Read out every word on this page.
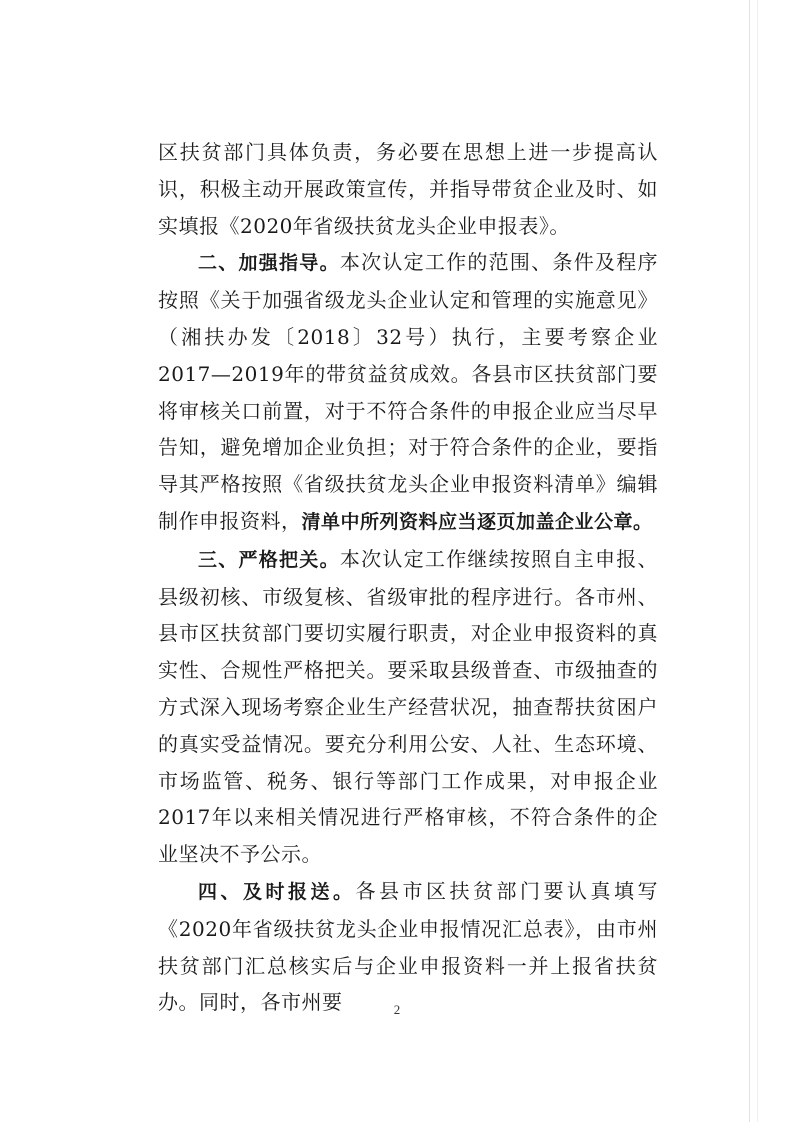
区扶贫部门具体负责，务必要在思想上进一步提高认识，积极主动开展政策宣传，并指导带贫企业及时、如实填报《2020年省级扶贫龙头企业申报表》。

二、加强指导。本次认定工作的范围、条件及程序按照《关于加强省级龙头企业认定和管理的实施意见》（湘扶办发〔2018〕32号）执行，主要考察企业2017—2019年的带贫益贫成效。各县市区扶贫部门要将审核关口前置，对于不符合条件的申报企业应当尽早告知，避免增加企业负担；对于符合条件的企业，要指导其严格按照《省级扶贫龙头企业申报资料清单》编辑制作申报资料，清单中所列资料应当逐页加盖企业公章。

三、严格把关。本次认定工作继续按照自主申报、县级初核、市级复核、省级审批的程序进行。各市州、县市区扶贫部门要切实履行职责，对企业申报资料的真实性、合规性严格把关。要采取县级普查、市级抽查的方式深入现场考察企业生产经营状况，抽查帮扶贫困户的真实受益情况。要充分利用公安、人社、生态环境、市场监管、税务、银行等部门工作成果，对申报企业2017年以来相关情况进行严格审核，不符合条件的企业坚决不予公示。

四、及时报送。各县市区扶贫部门要认真填写《2020年省级扶贫龙头企业申报情况汇总表》，由市州扶贫部门汇总核实后与企业申报资料一并上报省扶贫办。同时，各市州要	2
